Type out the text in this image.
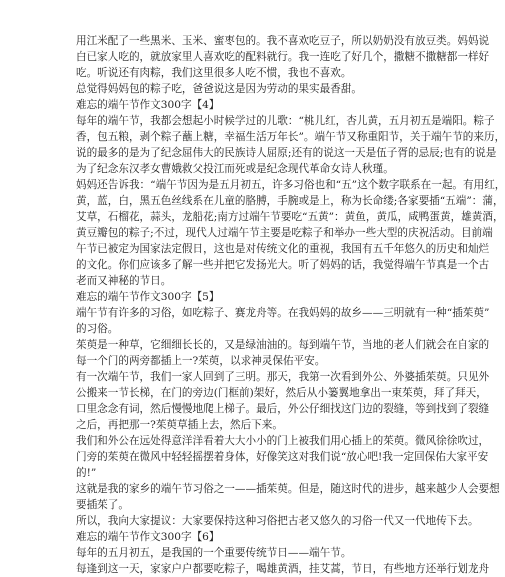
用江米配了一些黑米、玉米、蜜枣包的。我不喜欢吃豆子，所以奶奶没有放豆类。妈妈说
白已家人吃的，就放家里人喜欢吃的配料就行。我一连吃了好几个，撒糖不撒糖都一样好
吃。听说还有肉粽，我们这里很多人吃不惯，我也不喜欢。
总觉得妈妈包的粽子吃，爸爸说这是因为劳动的果实最香甜。
难忘的端午节作文300字【4】
每年的端午节，我都会想起小时候学过的儿歌：“桃儿红，杏儿黄，五月初五是端阳。粽子
香，包五粮，剥个粽子蘸上糖，幸福生活万年长”。端午节又称重阳节，关于端午节的来历，
说的最多的是为了纪念屈伟大的民族诗人屈原;还有的说这一天是伍子胥的忌辰;也有的说是
为了纪念东汉孝女曹娥救父投江而死或是纪念现代革命女诗人秋瑾。
妈妈还告诉我：“端午节因为是五月初五，许多习俗也和“五”这个数字联系在一起。有用红，
黄，蓝，白，黑五色丝线系在儿童的胳膊，手腕或是上，称为长命缕;各家要插“五端”：蒲，
艾草，石榴花，蒜头，龙船花;南方过端午节要吃“五黄”：黄鱼，黄瓜，咸鸭蛋黄，雄黄酒，
黄豆瓣包的粽子;不过，现代人过端午节主要是吃粽子和举办一些大型的庆祝活动。目前端
午节已被定为国家法定假日，这也是对传统文化的重视，我国有五千年悠久的历史和灿烂
的文化。你们应该多了解一些并把它发扬光大。听了妈妈的话，我觉得端午节真是一个古
老而又神秘的节日。
难忘的端午节作文300字【5】
端午节有许多的习俗，如吃粽子、赛龙舟等。在我妈妈的故乡——三明就有一种“插茱萸”
的习俗。
茱萸是一种草，它细细长长的，又是绿油油的。每到端午节，当地的老人们就会在自家的
每一个门的两旁都插上一?茱萸，以求神灵保佑平安。
有一次端午节，我们一家人回到了三明。那天，我第一次看到外公、外婆插茱萸。只见外
公搬来一节长梯，在门的旁边(门框前)架好，然后从小篓翼地拿出一束茱萸，拜了拜天，
口里念念有词，然后慢慢地爬上梯子。最后，外公仔细找这门边的裂缝，等到找到了裂缝
之后，再把那一?茱萸草插上去，然后下来。
我们和外公在远处得意洋洋看着大大小小的门上被我们用心插上的茱萸。微风徐徐吹过，
门旁的茱萸在微风中轻轻摇摆着身体，好像笑这对我们说“放心吧!我一定回保佑大家平安
的!”
这就是我的家乡的端午节习俗之一——插茱萸。但是，随这时代的进步，越来越少人会要想
要插茱了。
所以，我向大家提议：大家要保持这种习俗把古老又悠久的习俗一代又一代地传下去。
难忘的端午节作文300字【6】
每年的五月初五，是我国的一个重要传统节日——端午节。
每逢到这一天，家家户户都要吃粽子，喝雄黄酒，挂艾蒿，节日，有些地方还举行划龙舟
